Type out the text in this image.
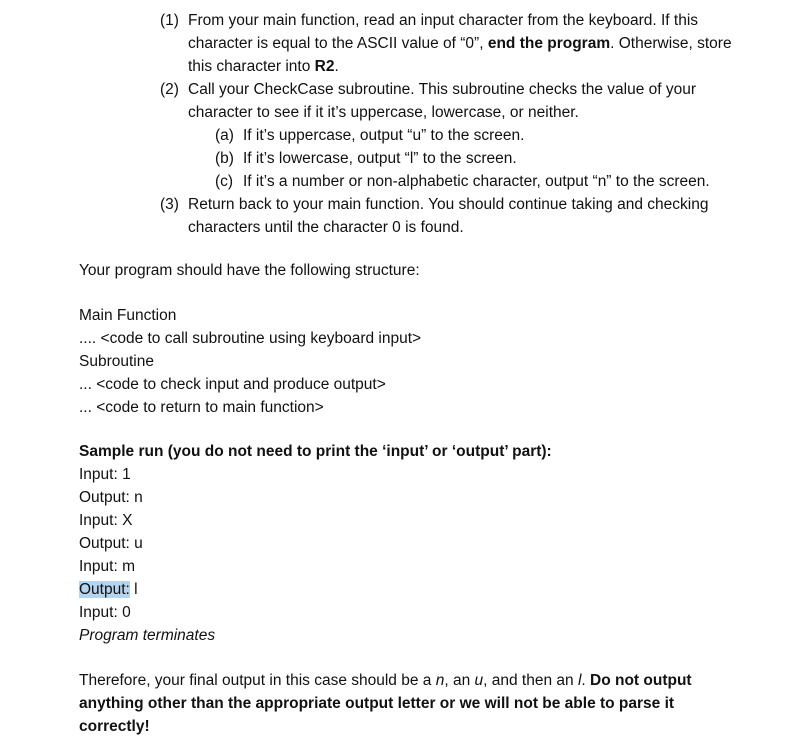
(1) From your main function, read an input character from the keyboard. If this
character is equal to the ASCII value of “0”, end the program. Otherwise, store
this character into R2.
(2) Call your CheckCase subroutine. This subroutine checks the value of your
character to see if it it’s uppercase, lowercase, or neither.
(a) If it’s uppercase, output “u” to the screen.
(b) If it’s lowercase, output “l” to the screen.
(c) If it’s a number or non-alphabetic character, output “n” to the screen.
(3) Return back to your main function. You should continue taking and checking
characters until the character 0 is found.
Your program should have the following structure:
Main Function
.... <code to call subroutine using keyboard input>
Subroutine
... <code to check input and produce output>
... <code to return to main function>
Sample run (you do not need to print the ‘input’ or ‘output’ part):
Input: 1
Output: n
Input: X
Output: u
Input: m
Output: l
Input: 0
Program terminates
Therefore, your final output in this case should be a n, an u, and then an l. Do not output
anything other than the appropriate output letter or we will not be able to parse it
correctly!
